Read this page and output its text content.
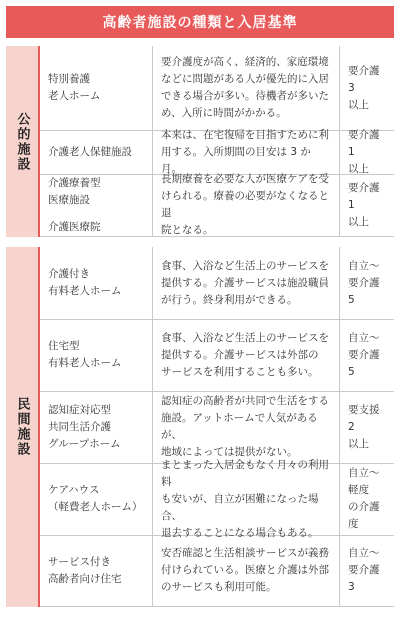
高齢者施設の種類と入居基準
公的施設
特別養護
老人ホーム
要介護度が高く、経済的、家庭環境
などに問題がある人が優先的に入居
できる場合が多い。待機者が多いた
め、入所に時間がかかる。
要介護 3
以上
介護老人保健施設
本来は、在宅復帰を目指すために利
用する。入所期間の目安は 3 か月。
要介護 1
以上
介護療養型
医療施設
介護医療院
長期療養を必要な人が医療ケアを受
けられる。療養の必要がなくなると退
院となる。
要介護 1
以上
民間施設
介護付き
有料老人ホーム
食事、入浴など生活上のサービスを
提供する。介護サービスは施設職員
が行う。終身利用ができる。
自立～
要介護 5
住宅型
有料老人ホーム
食事、入浴など生活上のサービスを
提供する。介護サービスは外部の
サービスを利用することも多い。
自立～
要介護 5
認知症対応型
共同生活介護
グループホーム
認知症の高齢者が共同で生活をする
施設。アットホームで人気があるが、
地域によっては提供がない。
要支援 2
以上
ケアハウス
（軽費老人ホーム）
まとまった入居金もなく月々の利用料
も安いが、自立が困難になった場合、
退去することになる場合もある。
自立～軽度
の介護度
サービス付き
高齢者向け住宅
安否確認と生活相談サービスが義務
付けられている。医療と介護は外部
のサービスも利用可能。
自立～
要介護 3
